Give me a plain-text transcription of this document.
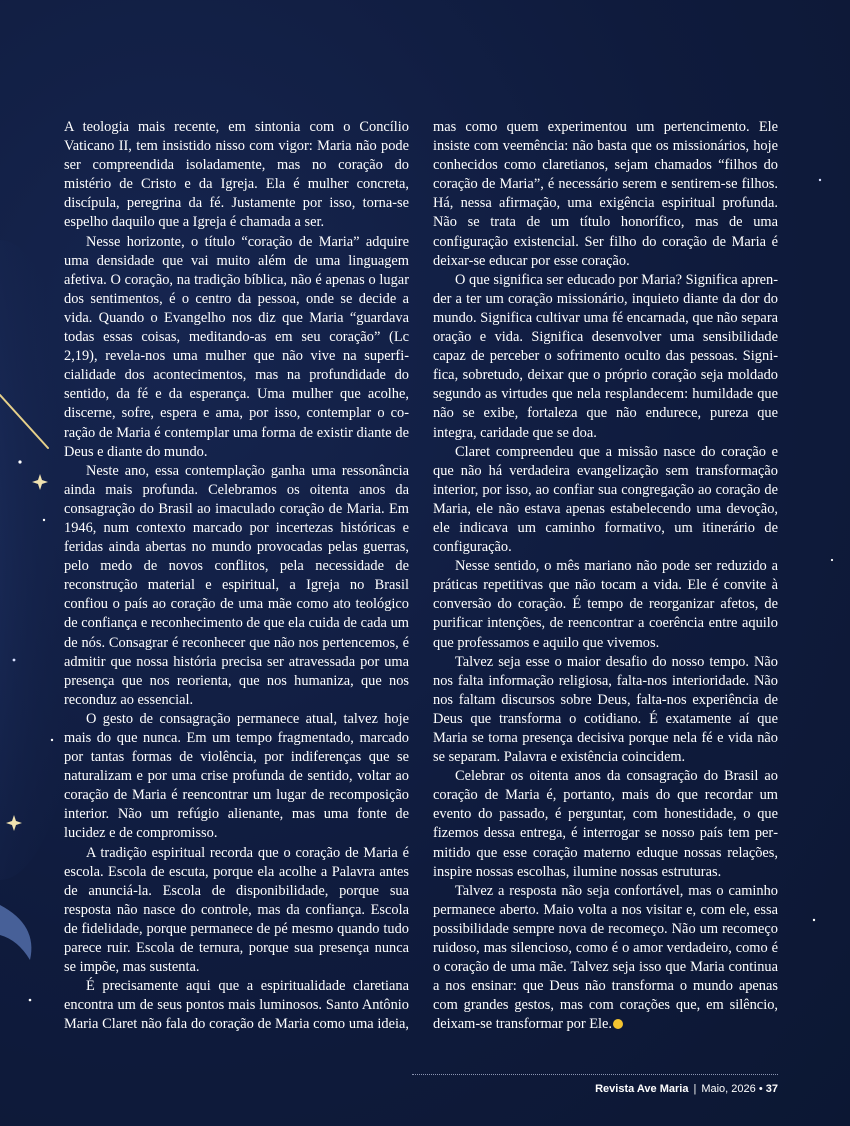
A teologia mais recente, em sintonia com o Concílio Vaticano II, tem insistido nisso com vigor: Maria não pode ser compreendida isoladamente, mas no coração do mistério de Cristo e da Igreja. Ela é mulher concreta, discípula, peregrina da fé. Justamente por isso, torna-se espelho daquilo que a Igreja é chamada a ser.

Nesse horizonte, o título “coração de Maria” adquire uma densidade que vai muito além de uma linguagem afetiva. O coração, na tradição bíblica, não é apenas o lugar dos sentimentos, é o centro da pessoa, onde se decide a vida. Quando o Evangelho nos diz que Maria “guardava todas essas coisas, meditando-as em seu coração” (Lc 2,19), revela-nos uma mulher que não vive na superficialidade dos acontecimentos, mas na profundidade do sentido, da fé e da esperança. Uma mulher que acolhe, discerne, sofre, espera e ama, por isso, contemplar o coração de Maria é contemplar uma forma de existir diante de Deus e diante do mundo.

Neste ano, essa contemplação ganha uma ressonância ainda mais profunda. Celebramos os oitenta anos da consagração do Brasil ao imaculado coração de Maria. Em 1946, num contexto marcado por incertezas históricas e feridas ainda abertas no mundo provocadas pelas guerras, pelo medo de novos conflitos, pela necessidade de reconstrução material e espiritual, a Igreja no Brasil confiou o país ao coração de uma mãe como ato teológico de confiança e reconhecimento de que ela cuida de cada um de nós. Consagrar é reconhecer que não nos pertencemos, é admitir que nossa história precisa ser atravessada por uma presença que nos reorienta, que nos humaniza, que nos reconduz ao essencial.

O gesto de consagração permanece atual, talvez hoje mais do que nunca. Em um tempo fragmentado, marcado por tantas formas de violência, por indiferenças que se naturalizam e por uma crise profunda de sentido, voltar ao coração de Maria é reencontrar um lugar de recomposição interior. Não um refúgio alienante, mas uma fonte de lucidez e de compromisso.

A tradição espiritual recorda que o coração de Maria é escola. Escola de escuta, porque ela acolhe a Palavra antes de anunciá-la. Escola de disponibilidade, porque sua resposta não nasce do controle, mas da confiança. Escola de fidelidade, porque permanece de pé mesmo quando tudo parece ruir. Escola de ternura, porque sua presença nunca se impõe, mas sustenta.

É precisamente aqui que a espiritualidade claretiana encontra um de seus pontos mais luminosos. Santo Antônio Maria Claret não fala do coração de Maria como uma ideia, mas como quem experimentou um pertencimento. Ele insiste com veemência: não basta que os missionários, hoje conhecidos como claretianos, sejam chamados “filhos do coração de Maria”, é necessário serem e sentirem-se filhos. Há, nessa afirmação, uma exigência espiritual profunda. Não se trata de um título honorífico, mas de uma configuração existencial. Ser filho do coração de Maria é deixar-se educar por esse coração.

O que significa ser educado por Maria? Significa aprender a ter um coração missionário, inquieto diante da dor do mundo. Significa cultivar uma fé encarnada, que não separa oração e vida. Significa desenvolver uma sensibilidade capaz de perceber o sofrimento oculto das pessoas. Significa, sobretudo, deixar que o próprio coração seja moldado segundo as virtudes que nela resplandecem: humildade que não se exibe, fortaleza que não endurece, pureza que integra, caridade que se doa.

Claret compreendeu que a missão nasce do coração e que não há verdadeira evangelização sem transformação interior, por isso, ao confiar sua congregação ao coração de Maria, ele não estava apenas estabelecendo uma devoção, ele indicava um caminho formativo, um itinerário de configuração.

Nesse sentido, o mês mariano não pode ser reduzido a práticas repetitivas que não tocam a vida. Ele é convite à conversão do coração. É tempo de reorganizar afetos, de purificar intenções, de reencontrar a coerência entre aquilo que professamos e aquilo que vivemos.

Talvez seja esse o maior desafio do nosso tempo. Não nos falta informação religiosa, falta-nos interioridade. Não nos faltam discursos sobre Deus, falta-nos experiência de Deus que transforma o cotidiano. É exatamente aí que Maria se torna presença decisiva porque nela fé e vida não se separam. Palavra e existência coincidem.

Celebrar os oitenta anos da consagração do Brasil ao coração de Maria é, portanto, mais do que recordar um evento do passado, é perguntar, com honestidade, o que fizemos dessa entrega, é interrogar se nosso país tem permitido que esse coração materno eduque nossas relações, inspire nossas escolhas, ilumine nossas estruturas.

Talvez a resposta não seja confortável, mas o caminho permanece aberto. Maio volta a nos visitar e, com ele, essa possibilidade sempre nova de recomeço. Não um recomeço ruidoso, mas silencioso, como é o amor verdadeiro, como é o coração de uma mãe. Talvez seja isso que Maria continua a nos ensinar: que Deus não transforma o mundo apenas com grandes gestos, mas com corações que, em silêncio, deixam-se transformar por Ele.

Revista Ave Maria | Maio, 2026 • 37
